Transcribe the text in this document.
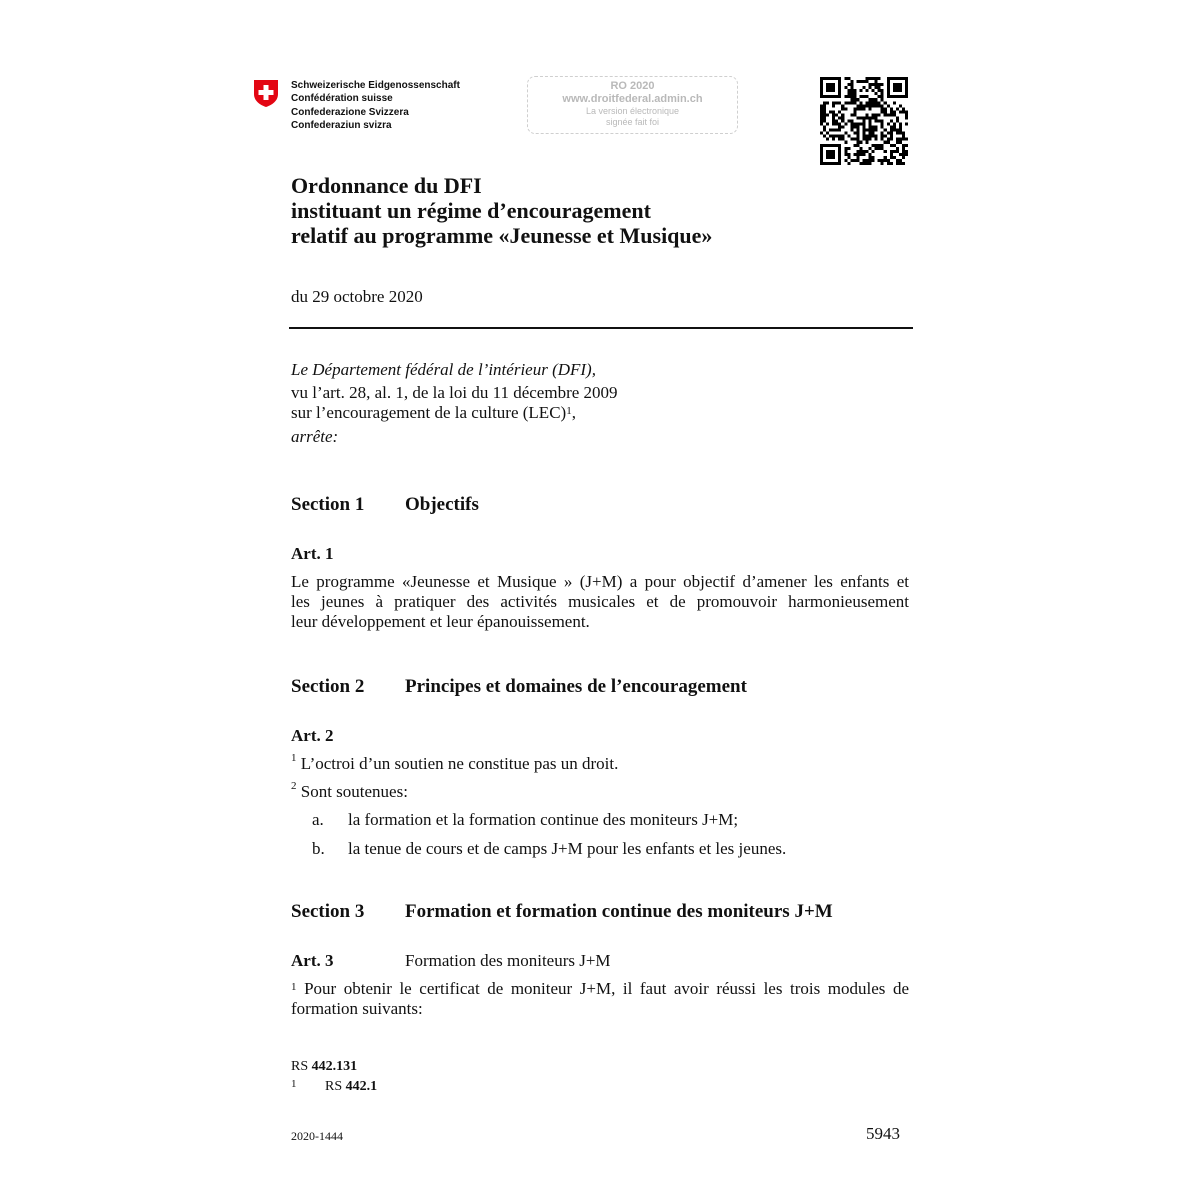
Schweizerische Eidgenossenschaft
Confédération suisse
Confederazione Svizzera
Confederaziun svizra
RO 2020
www.droitfederal.admin.ch
La version électronique
signée fait foi
Ordonnance du DFI
instituant un régime d’encouragement
relatif au programme «Jeunesse et Musique»
du 29 octobre 2020
Le Département fédéral de l’intérieur (DFI),
vu l’art. 28, al. 1, de la loi du 11 décembre 2009
sur l’encouragement de la culture (LEC)$^1$,
arrête:
Section 1 Objectifs
Art. 1
Le programme «Jeunesse et Musique » (J+M) a pour objectif d’amener les enfants et
les jeunes à pratiquer des activités musicales et de promouvoir harmonieusement
leur développement et leur épanouissement.
Section 2 Principes et domaines de l’encouragement
Art. 2
$^1$ L’octroi d’un soutien ne constitue pas un droit.
$^2$ Sont soutenues:
a. la formation et la formation continue des moniteurs J+M;
b. la tenue de cours et de camps J+M pour les enfants et les jeunes.
Section 3 Formation et formation continue des moniteurs J+M
Art. 3	Formation des moniteurs J+M
$^1$ Pour obtenir le certificat de moniteur J+M, il faut avoir réussi les trois modules de
formation suivants:
RS 442.131
$^1$ RS 442.1
2020-1444	5943
